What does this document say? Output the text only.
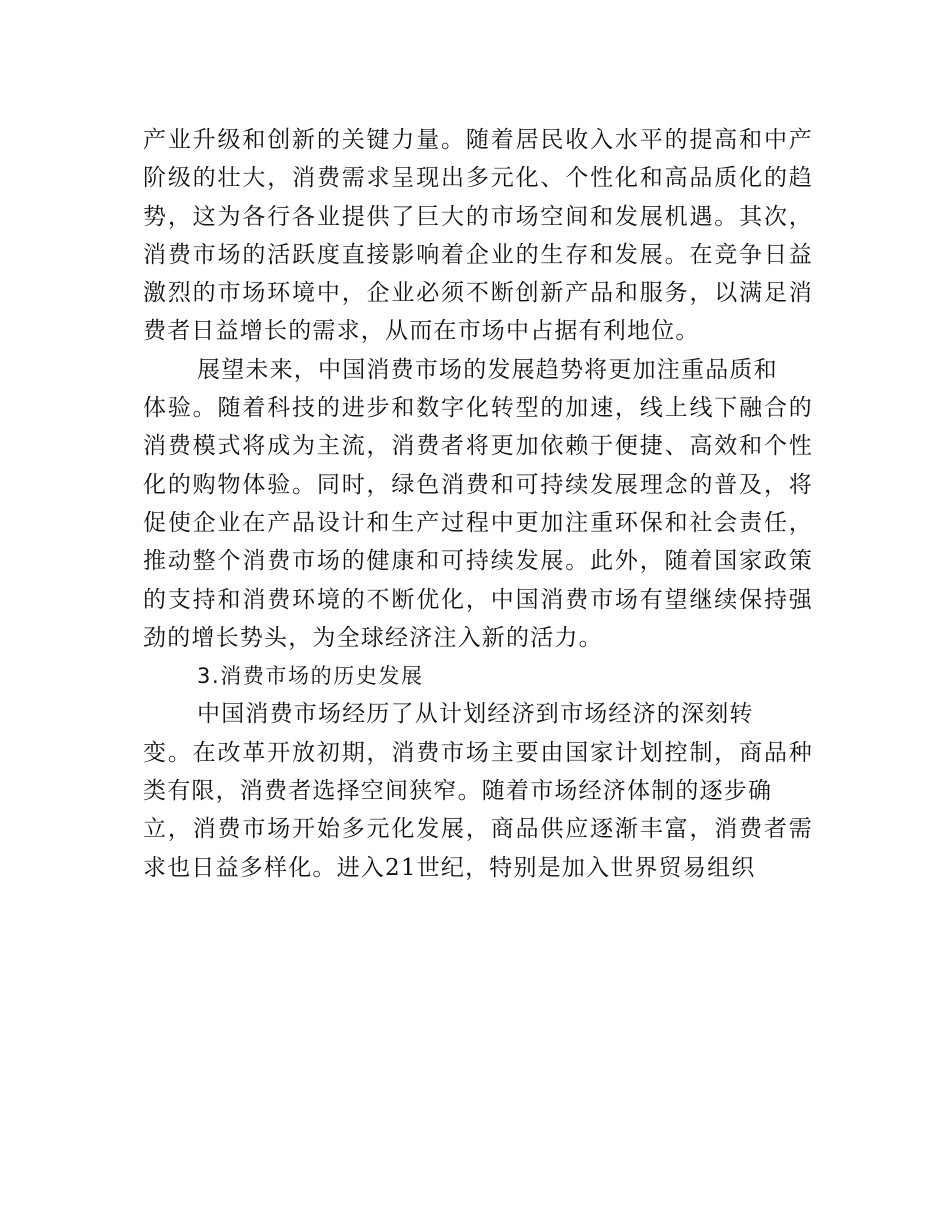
产业升级和创新的关键力量。随着居民收入水平的提高和中产
阶级的壮大，消费需求呈现出多元化、个性化和高品质化的趋
势，这为各行各业提供了巨大的市场空间和发展机遇。其次，
消费市场的活跃度直接影响着企业的生存和发展。在竞争日益
激烈的市场环境中，企业必须不断创新产品和服务，以满足消
费者日益增长的需求，从而在市场中占据有利地位。
展望未来，中国消费市场的发展趋势将更加注重品质和
体验。随着科技的进步和数字化转型的加速，线上线下融合的
消费模式将成为主流，消费者将更加依赖于便捷、高效和个性
化的购物体验。同时，绿色消费和可持续发展理念的普及，将
促使企业在产品设计和生产过程中更加注重环保和社会责任，
推动整个消费市场的健康和可持续发展。此外，随着国家政策
的支持和消费环境的不断优化，中国消费市场有望继续保持强
劲的增长势头，为全球经济注入新的活力。
3.消费市场的历史发展
中国消费市场经历了从计划经济到市场经济的深刻转
变。在改革开放初期，消费市场主要由国家计划控制，商品种
类有限，消费者选择空间狭窄。随着市场经济体制的逐步确
立，消费市场开始多元化发展，商品供应逐渐丰富，消费者需
求也日益多样化。进入21世纪，特别是加入世界贸易组织
